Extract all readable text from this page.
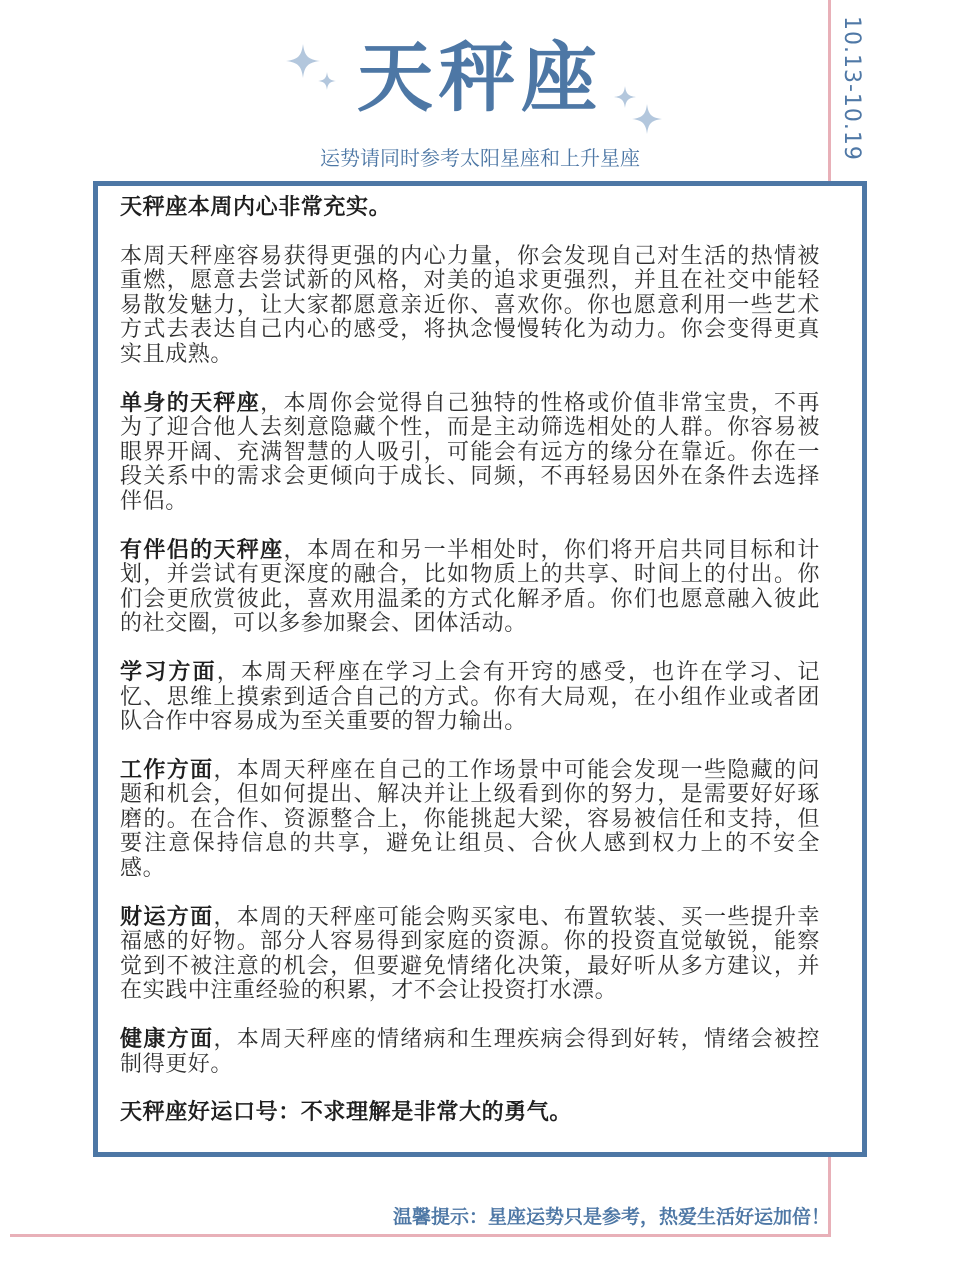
10.13-10.19
天秤座

运势请同时参考太阳星座和上升星座

天秤座本周内心非常充实。

本周天秤座容易获得更强的内心力量，你会发现自己对生活的热情被重燃，愿意去尝试新的风格，对美的追求更强烈，并且在社交中能轻易散发魅力，让大家都愿意亲近你、喜欢你。你也愿意利用一些艺术方式去表达自己内心的感受，将执念慢慢转化为动力。你会变得更真实且成熟。

单身的天秤座，本周你会觉得自己独特的性格或价值非常宝贵，不再为了迎合他人去刻意隐藏个性，而是主动筛选相处的人群。你容易被眼界开阔、充满智慧的人吸引，可能会有远方的缘分在靠近。你在一段关系中的需求会更倾向于成长、同频，不再轻易因外在条件去选择伴侣。

有伴侣的天秤座，本周在和另一半相处时，你们将开启共同目标和计划，并尝试有更深度的融合，比如物质上的共享、时间上的付出。你们会更欣赏彼此，喜欢用温柔的方式化解矛盾。你们也愿意融入彼此的社交圈，可以多参加聚会、团体活动。

学习方面，本周天秤座在学习上会有开窍的感受，也许在学习、记忆、思维上摸索到适合自己的方式。你有大局观，在小组作业或者团队合作中容易成为至关重要的智力输出。

工作方面，本周天秤座在自己的工作场景中可能会发现一些隐藏的问题和机会，但如何提出、解决并让上级看到你的努力，是需要好好琢磨的。在合作、资源整合上，你能挑起大梁，容易被信任和支持，但要注意保持信息的共享，避免让组员、合伙人感到权力上的不安全感。

财运方面，本周的天秤座可能会购买家电、布置软装、买一些提升幸福感的好物。部分人容易得到家庭的资源。你的投资直觉敏锐，能察觉到不被注意的机会，但要避免情绪化决策，最好听从多方建议，并在实践中注重经验的积累，才不会让投资打水漂。

健康方面，本周天秤座的情绪病和生理疾病会得到好转，情绪会被控制得更好。

天秤座好运口号：不求理解是非常大的勇气。

温馨提示：星座运势只是参考，热爱生活好运加倍！
